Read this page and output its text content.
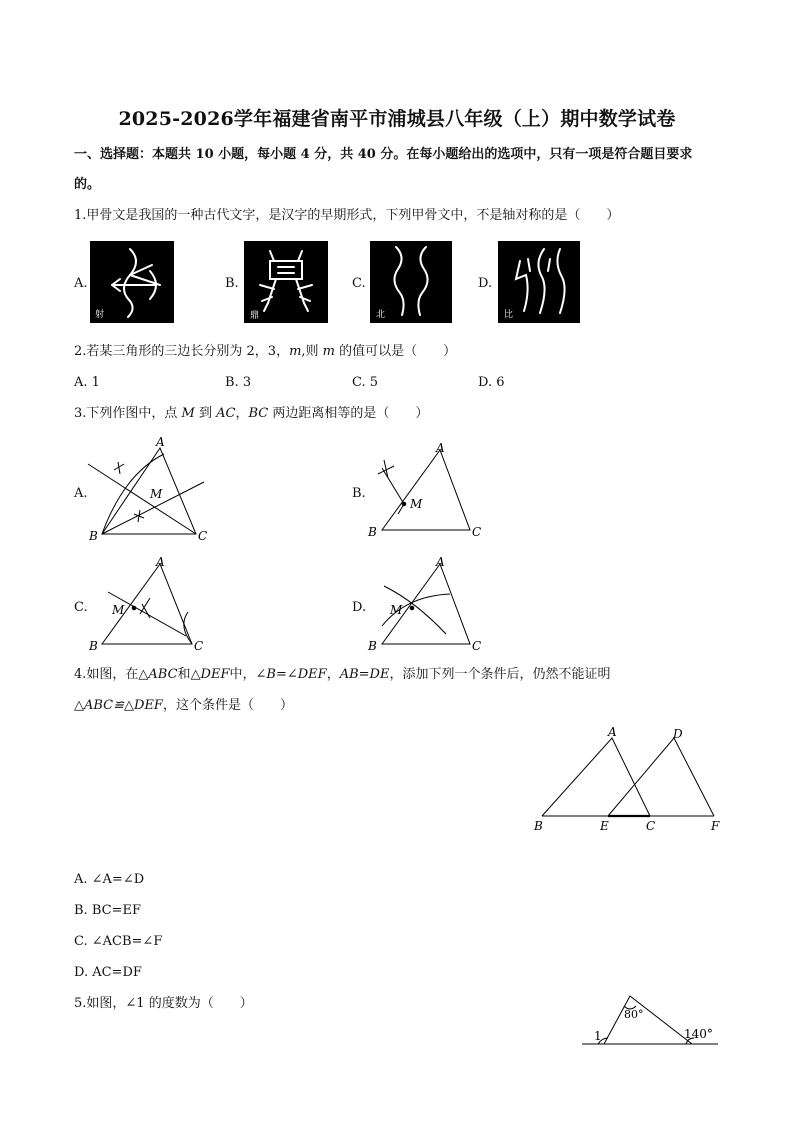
2025-2026学年福建省南平市浦城县八年级（上）期中数学试卷
一、选择题：本题共 10 小题，每小题 4 分，共 40 分。在每小题给出的选项中，只有一项是符合题目要求
的。
1.甲骨文是我国的一种古代文字，是汉字的早期形式，下列甲骨文中，不是轴对称的是（　　）
A.
射
B.
鼎
C.
北
D.
比
2.若某三角形的三边长分别为 2，3，m,则 m 的值可以是（　　）
A. 1	B. 3	C. 5	D. 6
3.下列作图中，点 M 到 AC，BC 两边距离相等的是（　　）
A.	B.
C.	D.
A
B	C
M
A
B	C
M
A
B	C
M
A
B	C
M
4.如图，在△ABC和△DEF中，∠B=∠DEF，AB=DE，添加下列一个条件后，仍然不能证明
△ABC≌△DEF，这个条件是（　　）
A	D
B	E	C	F
A. ∠A=∠D
B. BC=EF
C. ∠ACB=∠F
D. AC=DF
5.如图，∠1 的度数为（　　）
1
80°
140°
